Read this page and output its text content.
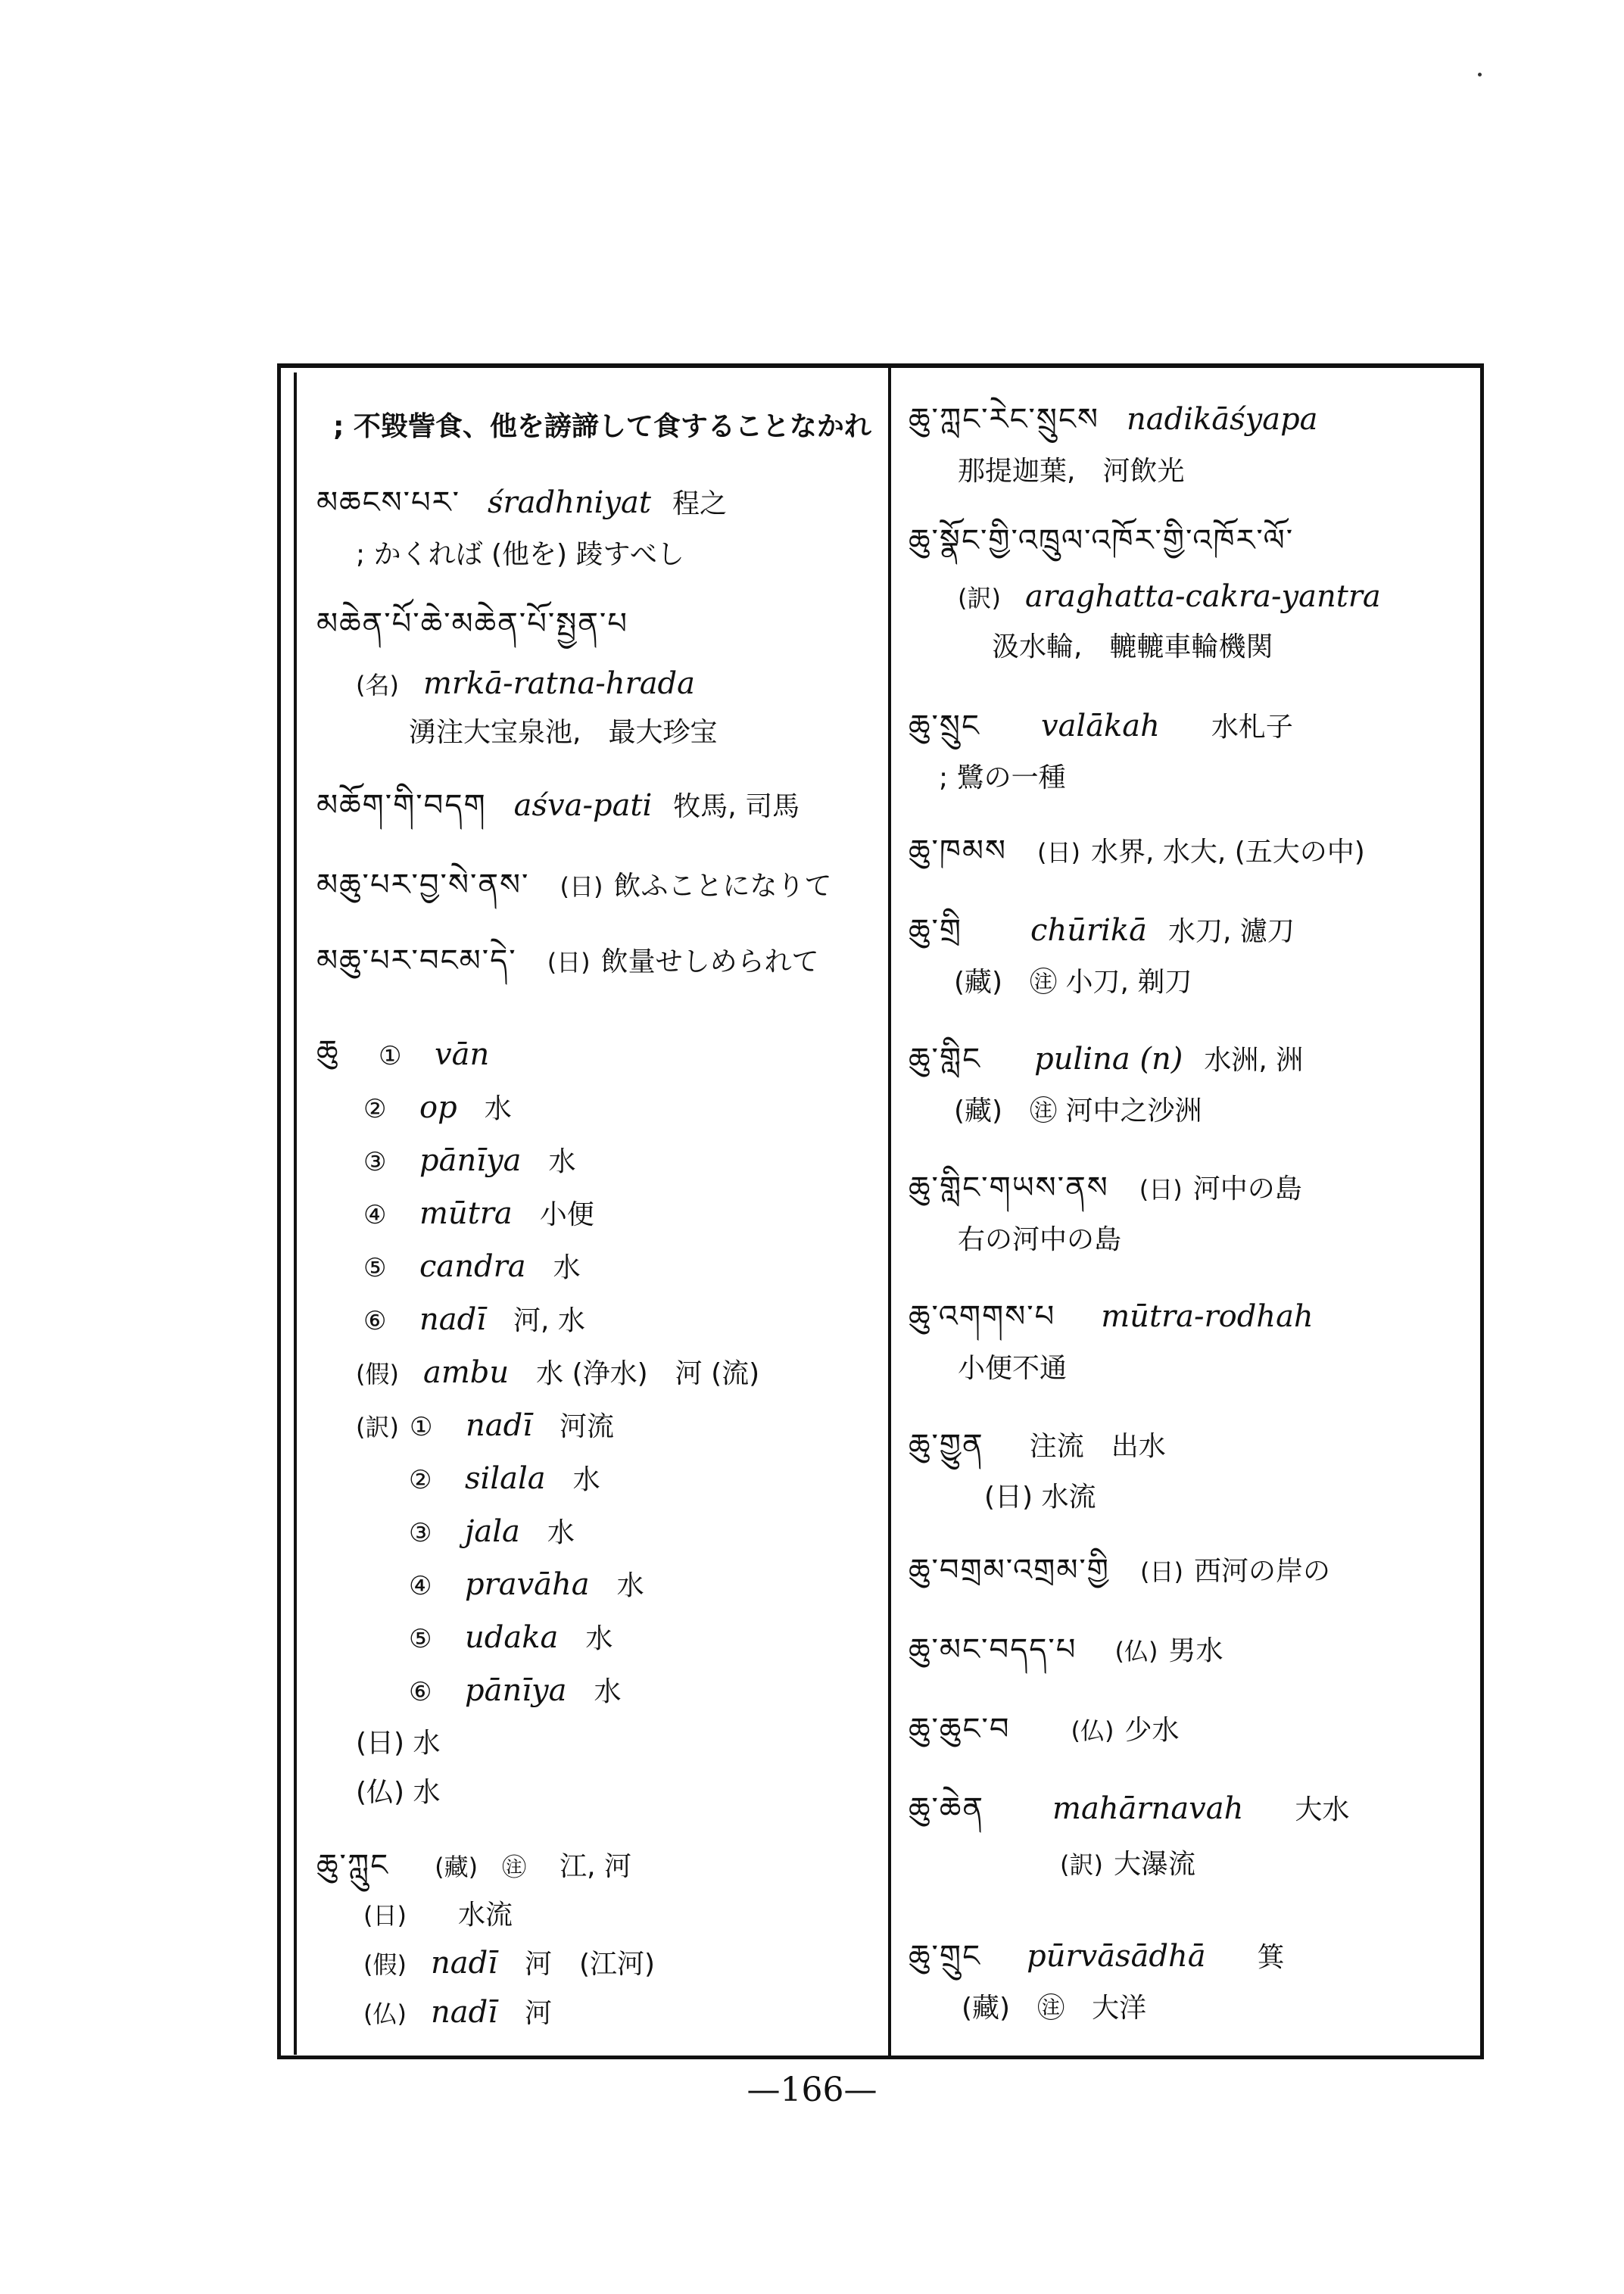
; 不毀訾食、他を謗諦して食することなかれ
མཆངས་པར་ śradhniyat 程之
; かくれば (他を) 踜すべし
མཆེན་པོ་ཆེ་མཆེན་པོ་སྤྱན་པ
(名) mrkā-ratna-hrada
湧注大宝泉池,　最大珍宝
མཆོག་གི་བདག aśva-pati 牧馬, 司馬
མཆུ་པར་བྱ་སེ་ནས་ (日) 飲ふことになりて
མཆུ་པར་བངམ་དེ་ (日) 飲量せしめられて
ཆུ ① vān
② op 水
③ pānīya 水
④ mūtra 小便
⑤ candra 水
⑥ nadī 河, 水
(假) ambu 水 (浄水)　河 (流)
(訳) ① nadī 河流
② silala 水
③ jala 水
④ pravāha 水
⑤ udaka 水
⑥ pānīya 水
(日) 水
(仏) 水
ཆུ་ཀླུང (藏)　㊟ 江, 河
(日) 水流
(假) nadī 河　(江河)
(仏) nadī 河
ཆུ་ཀླང་རེང་སྲུངས nadikāśyapa
那提迦葉,　河飲光
ཆུ་སྣོང་གྱི་འཁྲུལ་འཁོར་གྱི་འཁོར་ལོ་
(訳) araghatta-cakra-yantra
汲水輪,　轆轆車輪機関
ཆུ་སྲུང valākah 水札子
; 鷺の一種
ཆུ་ཁམས (日) 水界, 水大, (五大の中)
ཆུ་གྲི chūrikā 水刀, 濾刀
(藏)　㊟ 小刀, 剃刀
ཆུ་གླིང pulina (n) 水洲, 洲
(藏)　㊟ 河中之沙洲
ཆུ་གླིང་གཡས་ནས (日) 河中の島
右の河中の島
ཆུ་འགགས་པ mūtra-rodhah
小便不通
ཆུ་གྱུན 注流　出水
(日) 水流
ཆུ་བགྲམ་འགྲམ་གྱི (日) 西河の岸の
ཆུ་མང་བདད་པ (仏) 男水
ཆུ་ཆུང་བ	(仏) 少水
ཆུ་ཆེན mahārnavah 大水
(訳) 大瀑流
ཆུ་གྲུང pūrvāsādhā 箕
(藏)　㊟　大洋
—166—
